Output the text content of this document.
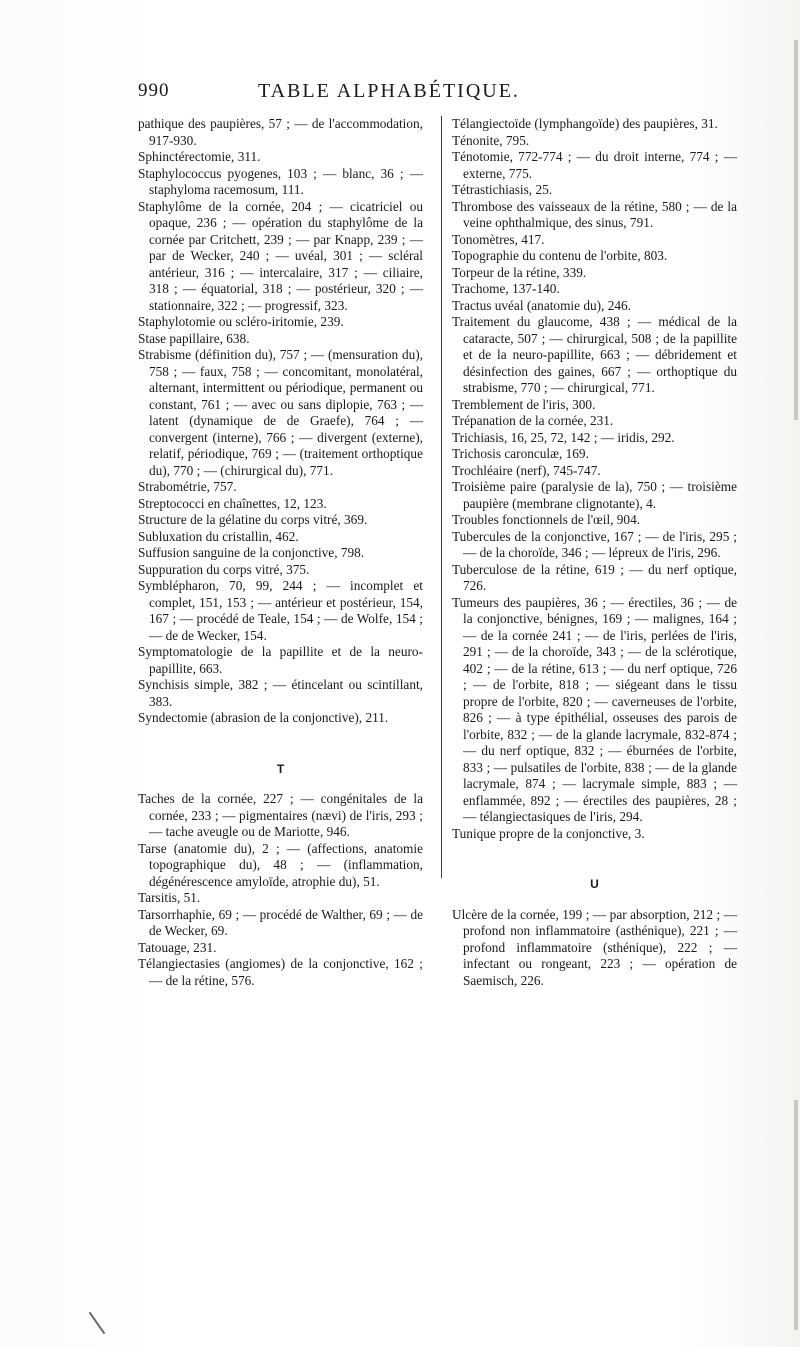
990	TABLE ALPHABÉTIQUE.

pathique des paupières, 57 ; — de l'accommodation, 917-930.

Sphinctérectomie, 311.

Staphylococcus pyogenes, 103 ; — blanc, 36 ; — staphyloma racemosum, 111.

Staphylôme de la cornée, 204 ; — cicatriciel ou opaque, 236 ; — opération du staphylôme de la cornée par Critchett, 239 ; — par Knapp, 239 ; — par de Wecker, 240 ; — uvéal, 301 ; — scléral antérieur, 316 ; — intercalaire, 317 ; — ciliaire, 318 ; — équatorial, 318 ; — postérieur, 320 ; — stationnaire, 322 ; — progressif, 323.

Staphylotomie ou scléro-iritomie, 239.

Stase papillaire, 638.

Strabisme (définition du), 757 ; — (mensuration du), 758 ; — faux, 758 ; — concomitant, monolatéral, alternant, intermittent ou périodique, permanent ou constant, 761 ; — avec ou sans diplopie, 763 ; — latent (dynamique de de Graefe), 764 ; — convergent (interne), 766 ; — divergent (externe), relatif, périodique, 769 ; — (traitement orthoptique du), 770 ; — (chirurgical du), 771.

Strabométrie, 757.

Streptococci en chaînettes, 12, 123.

Structure de la gélatine du corps vitré, 369.

Subluxation du cristallin, 462.

Suffusion sanguine de la conjonctive, 798.

Suppuration du corps vitré, 375.

Symblépharon, 70, 99, 244 ; — incomplet et complet, 151, 153 ; — antérieur et postérieur, 154, 167 ; — procédé de Teale, 154 ; — de Wolfe, 154 ; — de de Wecker, 154.

Symptomatologie de la papillite et de la neuro-papillite, 663.

Synchisis simple, 382 ; — étincelant ou scintillant, 383.

Syndectomie (abrasion de la conjonctive), 211.

T

Taches de la cornée, 227 ; — congénitales de la cornée, 233 ; — pigmentaires (nævi) de l'iris, 293 ; — tache aveugle ou de Mariotte, 946.

Tarse (anatomie du), 2 ; — (affections, anatomie topographique du), 48 ; — (inflammation, dégénérescence amyloïde, atrophie du), 51.

Tarsitis, 51.

Tarsorrhaphie, 69 ; — procédé de Walther, 69 ; — de de Wecker, 69.

Tatouage, 231.

Télangiectasies (angiomes) de la conjonctive, 162 ; — de la rétine, 576.

Télangiectoïde (lymphangoïde) des paupières, 31.

Ténonite, 795.

Ténotomie, 772-774 ; — du droit interne, 774 ; — externe, 775.

Tétrastichiasis, 25.

Thrombose des vaisseaux de la rétine, 580 ; — de la veine ophthalmique, des sinus, 791.

Tonomètres, 417.

Topographie du contenu de l'orbite, 803.

Torpeur de la rétine, 339.

Trachome, 137-140.

Tractus uvéal (anatomie du), 246.

Traitement du glaucome, 438 ; — médical de la cataracte, 507 ; — chirurgical, 508 ; de la papillite et de la neuro-papillite, 663 ; — débridement et désinfection des gaines, 667 ; — orthoptique du strabisme, 770 ; — chirurgical, 771.

Tremblement de l'iris, 300.

Trépanation de la cornée, 231.

Trichiasis, 16, 25, 72, 142 ; — iridis, 292.

Trichosis caronculæ, 169.

Trochléaire (nerf), 745-747.

Troisième paire (paralysie de la), 750 ; — troisième paupière (membrane clignotante), 4.

Troubles fonctionnels de l'œil, 904.

Tubercules de la conjonctive, 167 ; — de l'iris, 295 ; — de la choroïde, 346 ; — lépreux de l'iris, 296.

Tuberculose de la rétine, 619 ; — du nerf optique, 726.

Tumeurs des paupières, 36 ; — érectiles, 36 ; — de la conjonctive, bénignes, 169 ; — malignes, 164 ; — de la cornée 241 ; — de l'iris, perlées de l'iris, 291 ; — de la choroïde, 343 ; — de la sclérotique, 402 ; — de la rétine, 613 ; — du nerf optique, 726 ; — de l'orbite, 818 ; — siégeant dans le tissu propre de l'orbite, 820 ; — caverneuses de l'orbite, 826 ; — à type épithélial, osseuses des parois de l'orbite, 832 ; — de la glande lacrymale, 832-874 ; — du nerf optique, 832 ; — éburnées de l'orbite, 833 ; — pulsatiles de l'orbite, 838 ; — de la glande lacrymale, 874 ; — lacrymale simple, 883 ; — enflammée, 892 ; — érectiles des paupières, 28 ; — télangiectasiques de l'iris, 294.

Tunique propre de la conjonctive, 3.

U

Ulcère de la cornée, 199 ; — par absorption, 212 ; — profond non inflammatoire (asthénique), 221 ; — profond inflammatoire (sthénique), 222 ; — infectant ou rongeant, 223 ; — opération de Saemisch, 226.
